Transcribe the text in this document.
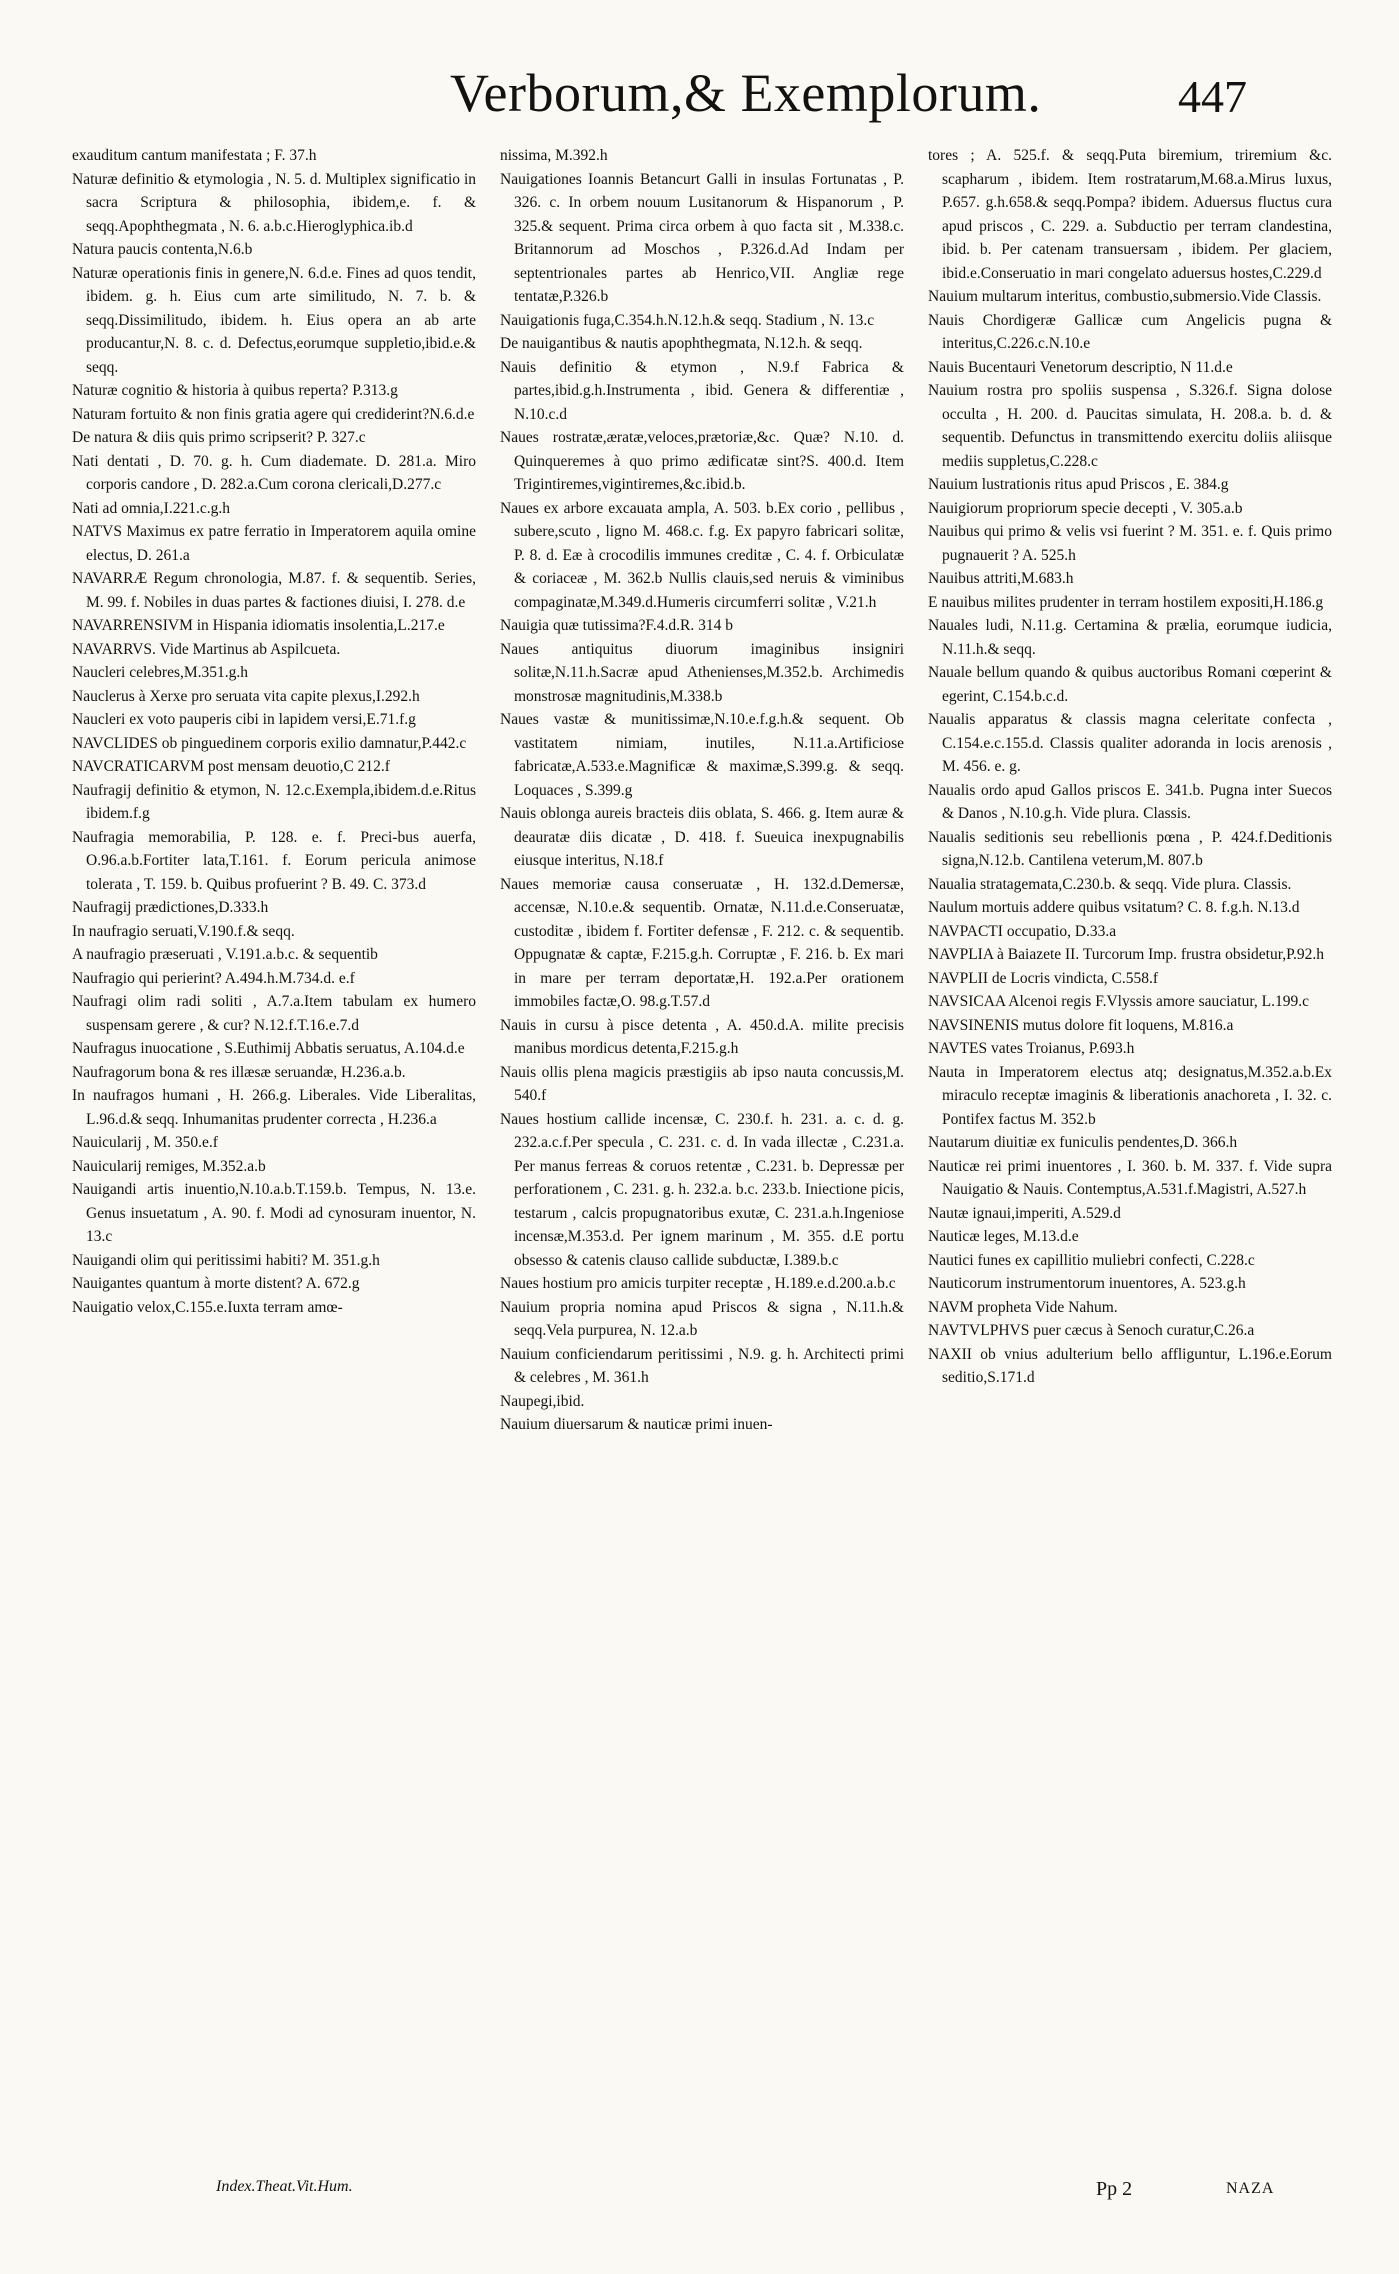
Verborum,& Exemplorum.	447

exauditum cantum manifestata ; F. 37.h

Naturæ definitio & etymologia , N. 5. d. Multiplex significatio in sacra Scriptura & philosophia, ibidem,e. f. & seqq.Apophthegmata , N. 6. a.b.c.Hieroglyphica.ib.d

Natura paucis contenta,N.6.b

Naturæ operationis finis in genere,N. 6.d.e. Fines ad quos tendit, ibidem. g. h. Eius cum arte similitudo, N. 7. b. & seqq.Dissimilitudo, ibidem. h. Eius opera an ab arte producantur,N. 8. c. d. Defectus,eorumque suppletio,ibid.e.& seqq.

Naturæ cognitio & historia à quibus reperta? P.313.g

Naturam fortuito & non finis gratia agere qui crediderint?N.6.d.e

De natura & diis quis primo scripserit? P. 327.c

Nati dentati , D. 70. g. h. Cum diademate. D. 281.a. Miro corporis candore , D. 282.a.Cum corona clericali,D.277.c

Nati ad omnia,I.221.c.g.h

NATVS Maximus ex patre ferratio in Imperatorem aquila omine electus, D. 261.a

NAVARRÆ Regum chronologia, M.87. f. & sequentib. Series, M. 99. f. Nobiles in duas partes & factiones diuisi, I. 278. d.e

NAVARRENSIVM in Hispania idiomatis insolentia,L.217.e

NAVARRVS. Vide Martinus ab Aspilcueta.

Naucleri celebres,M.351.g.h

Nauclerus à Xerxe pro seruata vita capite plexus,I.292.h

Naucleri ex voto pauperis cibi in lapidem versi,E.71.f.g

NAVCLIDES ob pinguedinem corporis exilio damnatur,P.442.c

NAVCRATICARVM post mensam deuotio,C 212.f

Naufragij definitio & etymon, N. 12.c.Exempla,ibidem.d.e.Ritus ibidem.f.g

Naufragia memorabilia, P. 128. e. f. Preci-bus auerfa, O.96.a.b.Fortiter lata,T.161. f. Eorum pericula animose tolerata , T. 159. b. Quibus profuerint ? B. 49. C. 373.d

Naufragij prædictiones,D.333.h

In naufragio seruati,V.190.f.& seqq.

A naufragio præseruati , V.191.a.b.c. & sequentib

Naufragio qui perierint? A.494.h.M.734.d. e.f

Naufragi olim radi soliti , A.7.a.Item tabulam ex humero suspensam gerere , & cur? N.12.f.T.16.e.7.d

Naufragus inuocatione , S.Euthimij Abbatis seruatus, A.104.d.e

Naufragorum bona & res illæsæ seruandæ, H.236.a.b.

In naufragos humani , H. 266.g. Liberales. Vide Liberalitas, L.96.d.& seqq. Inhumanitas prudenter correcta , H.236.a

Nauicularij , M. 350.e.f

Nauicularij remiges, M.352.a.b

Nauigandi artis inuentio,N.10.a.b.T.159.b. Tempus, N. 13.e. Genus insuetatum , A. 90. f. Modi ad cynosuram inuentor, N. 13.c

Nauigandi olim qui peritissimi habiti? M. 351.g.h

Nauigantes quantum à morte distent? A. 672.g

Nauigatio velox,C.155.e.Iuxta terram amœ-

nissima, M.392.h

Nauigationes Ioannis Betancurt Galli in insulas Fortunatas , P. 326. c. In orbem nouum Lusitanorum & Hispanorum , P. 325.& sequent. Prima circa orbem à quo facta sit , M.338.c. Britannorum ad Moschos , P.326.d.Ad Indam per septentrionales partes ab Henrico,VII. Angliæ rege tentatæ,P.326.b

Nauigationis fuga,C.354.h.N.12.h.& seqq. Stadium , N. 13.c

De nauigantibus & nautis apophthegmata, N.12.h. & seqq.

Nauis definitio & etymon , N.9.f Fabrica & partes,ibid.g.h.Instrumenta , ibid. Genera & differentiæ , N.10.c.d

Naues rostratæ,æratæ,veloces,prætoriæ,&c. Quæ? N.10. d. Quinqueremes à quo primo ædificatæ sint?S. 400.d. Item Trigintiremes,vigintiremes,&c.ibid.b.

Naues ex arbore excauata ampla, A. 503. b.Ex corio , pellibus , subere,scuto , ligno M. 468.c. f.g. Ex papyro fabricari solitæ, P. 8. d. Eæ à crocodilis immunes creditæ , C. 4. f. Orbiculatæ & coriaceæ , M. 362.b Nullis clauis,sed neruis & viminibus compaginatæ,M.349.d.Humeris circumferri solitæ , V.21.h

Nauigia quæ tutissima?F.4.d.R. 314 b

Naues antiquitus diuorum imaginibus insigniri solitæ,N.11.h.Sacræ apud Athenienses,M.352.b. Archimedis monstrosæ magnitudinis,M.338.b

Naues vastæ & munitissimæ,N.10.e.f.g.h.& sequent. Ob vastitatem nimiam, inutiles, N.11.a.Artificiose fabricatæ,A.533.e.Magnificæ & maximæ,S.399.g. & seqq. Loquaces , S.399.g

Nauis oblonga aureis bracteis diis oblata, S. 466. g. Item auræ & deauratæ diis dicatæ , D. 418. f. Sueuica inexpugnabilis eiusque interitus, N.18.f

Naues memoriæ causa conseruatæ , H. 132.d.Demersæ, accensæ, N.10.e.& sequentib. Ornatæ, N.11.d.e.Conseruatæ, custoditæ , ibidem f. Fortiter defensæ , F. 212. c. & sequentib. Oppugnatæ & captæ, F.215.g.h. Corruptæ , F. 216. b. Ex mari in mare per terram deportatæ,H. 192.a.Per orationem immobiles factæ,O. 98.g.T.57.d

Nauis in cursu à pisce detenta , A. 450.d.A. milite precisis manibus mordicus detenta,F.215.g.h

Nauis ollis plena magicis præstigiis ab ipso nauta concussis,M. 540.f

Naues hostium callide incensæ, C. 230.f. h. 231. a. c. d. g. 232.a.c.f.Per specula , C. 231. c. d. In vada illectæ , C.231.a. Per manus ferreas & coruos retentæ , C.231. b. Depressæ per perforationem , C. 231. g. h. 232.a. b.c. 233.b. Iniectione picis, testarum , calcis propugnatoribus exutæ, C. 231.a.h.Ingeniose incensæ,M.353.d. Per ignem marinum , M. 355. d.E portu obsesso & catenis clauso callide subductæ, I.389.b.c

Naues hostium pro amicis turpiter receptæ , H.189.e.d.200.a.b.c

Nauium propria nomina apud Priscos & signa , N.11.h.& seqq.Vela purpurea, N. 12.a.b

Nauium conficiendarum peritissimi , N.9. g. h. Architecti primi & celebres , M. 361.h

Naupegi,ibid.

Nauium diuersarum & nauticæ primi inuen-

tores ; A. 525.f. & seqq.Puta biremium, triremium &c. scapharum , ibidem. Item rostratarum,M.68.a.Mirus luxus, P.657. g.h.658.& seqq.Pompa? ibidem. Aduersus fluctus cura apud priscos , C. 229. a. Subductio per terram clandestina, ibid. b. Per catenam transuersam , ibidem. Per glaciem, ibid.e.Conseruatio in mari congelato aduersus hostes,C.229.d

Nauium multarum interitus, combustio,submersio.Vide Classis.

Nauis Chordigeræ Gallicæ cum Angelicis pugna & interitus,C.226.c.N.10.e

Nauis Bucentauri Venetorum descriptio, N 11.d.e

Nauium rostra pro spoliis suspensa , S.326.f. Signa dolose occulta , H. 200. d. Paucitas simulata, H. 208.a. b. d. & sequentib. Defunctus in transmittendo exercitu doliis aliisque mediis suppletus,C.228.c

Nauium lustrationis ritus apud Priscos , E. 384.g

Nauigiorum propriorum specie decepti , V. 305.a.b

Nauibus qui primo & velis vsi fuerint ? M. 351. e. f. Quis primo pugnauerit ? A. 525.h

Nauibus attriti,M.683.h

E nauibus milites prudenter in terram hostilem expositi,H.186.g

Nauales ludi, N.11.g. Certamina & prælia, eorumque iudicia, N.11.h.& seqq.

Nauale bellum quando & quibus auctoribus Romani cœperint & egerint, C.154.b.c.d.

Naualis apparatus & classis magna celeritate confecta , C.154.e.c.155.d. Classis qualiter adoranda in locis arenosis , M. 456. e. g.

Naualis ordo apud Gallos priscos E. 341.b. Pugna inter Suecos & Danos , N.10.g.h. Vide plura. Classis.

Naualis seditionis seu rebellionis pœna , P. 424.f.Deditionis signa,N.12.b. Cantilena veterum,M. 807.b

Naualia stratagemata,C.230.b. & seqq. Vide plura. Classis.

Naulum mortuis addere quibus vsitatum? C. 8. f.g.h. N.13.d

NAVPACTI occupatio, D.33.a

NAVPLIA à Baiazete II. Turcorum Imp. frustra obsidetur,P.92.h

NAVPLII de Locris vindicta, C.558.f

NAVSICAA Alcenoi regis F.Vlyssis amore sauciatur, L.199.c

NAVSINENIS mutus dolore fit loquens, M.816.a

NAVTES vates Troianus, P.693.h

Nauta in Imperatorem electus atq; designatus,M.352.a.b.Ex miraculo receptæ imaginis & liberationis anachoreta , I. 32. c. Pontifex factus M. 352.b

Nautarum diuitiæ ex funiculis pendentes,D. 366.h

Nauticæ rei primi inuentores , I. 360. b. M. 337. f. Vide supra Nauigatio & Nauis. Contemptus,A.531.f.Magistri, A.527.h

Nautæ ignaui,imperiti, A.529.d

Nauticæ leges, M.13.d.e

Nautici funes ex capillitio muliebri confecti, C.228.c

Nauticorum instrumentorum inuentores, A. 523.g.h

NAVM propheta Vide Nahum.

NAVTVLPHVS puer cæcus à Senoch curatur,C.26.a

NAXII ob vnius adulterium bello affliguntur, L.196.e.Eorum seditio,S.171.d

Index.Theat.Vit.Hum.	Pp 2	NAZA
